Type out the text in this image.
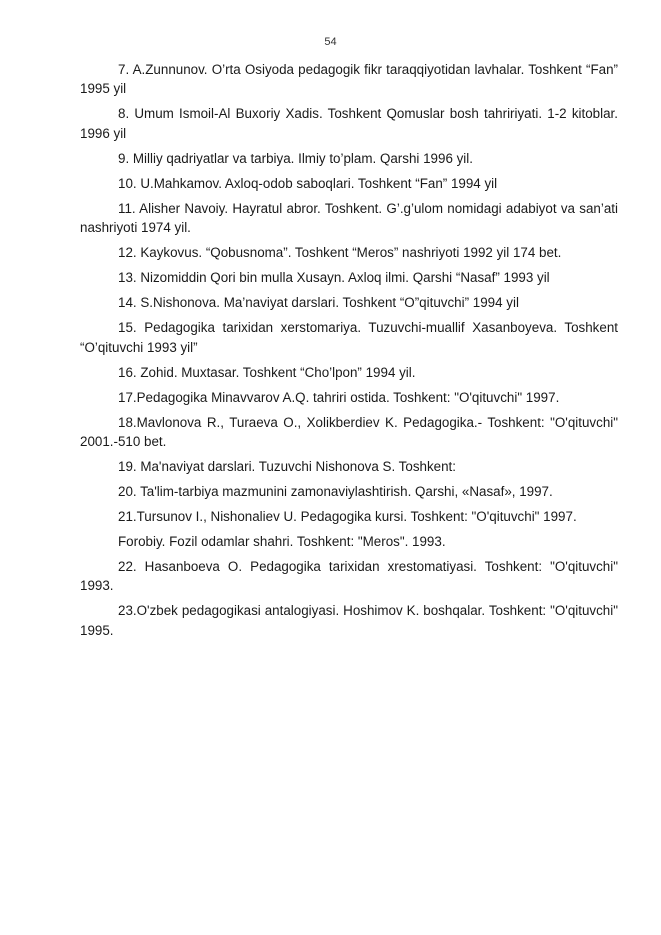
54

7. A.Zunnunov. O’rta Osiyoda pedagogik fikr taraqqiyotidan lavhalar. Toshkent “Fan” 1995 yil

8. Umum Ismoil-Al Buxoriy Xadis. Toshkent Qomuslar bosh tahririyati. 1-2 kitoblar. 1996 yil

9. Milliy qadriyatlar va tarbiya. Ilmiy to’plam. Qarshi 1996 yil.

10. U.Mahkamov. Axloq-odob saboqlari. Toshkent “Fan” 1994 yil

11. Alisher Navoiy. Hayratul abror. Toshkent. G’.g’ulom nomidagi adabiyot va san’ati nashriyoti 1974 yil.

12. Kaykovus. “Qobusnoma”. Toshkent “Meros” nashriyoti 1992 yil 174 bet.

13. Nizomiddin Qori bin mulla Xusayn. Axloq ilmi. Qarshi “Nasaf” 1993 yil

14. S.Nishonova. Ma’naviyat darslari. Toshkent “O”qituvchi” 1994 yil

15. Pedagogika tarixidan xerstomariya. Tuzuvchi-muallif Xasanboyeva. Toshkent “O’qituvchi 1993 yil”

16. Zohid. Muxtasar. Toshkent “Cho’lpon” 1994 yil.

17.Pedagogika Minavvarov A.Q. tahriri ostida. Toshkent: "O'qituvchi" 1997.

18.Mavlonova R., Turaeva O., Xolikberdiev K. Pedagogika.- Toshkent: "O'qituvchi" 2001.-510 bet.

19. Ma'naviyat darslari. Tuzuvchi Nishonova S. Toshkent:

20. Ta'lim-tarbiya mazmunini zamonaviylashtirish. Qarshi, «Nasaf», 1997.

21.Tursunov I., Nishonaliev U. Pedagogika kursi. Toshkent: "O'qituvchi" 1997.

Forobiy. Fozil odamlar shahri. Toshkent: "Meros". 1993.

22. Hasanboeva O. Pedagogika tarixidan xrestomatiyasi. Toshkent: "O'qituvchi" 1993.

23.O'zbek pedagogikasi antalogiyasi. Hoshimov K. boshqalar. Toshkent: "O'qituvchi" 1995.
